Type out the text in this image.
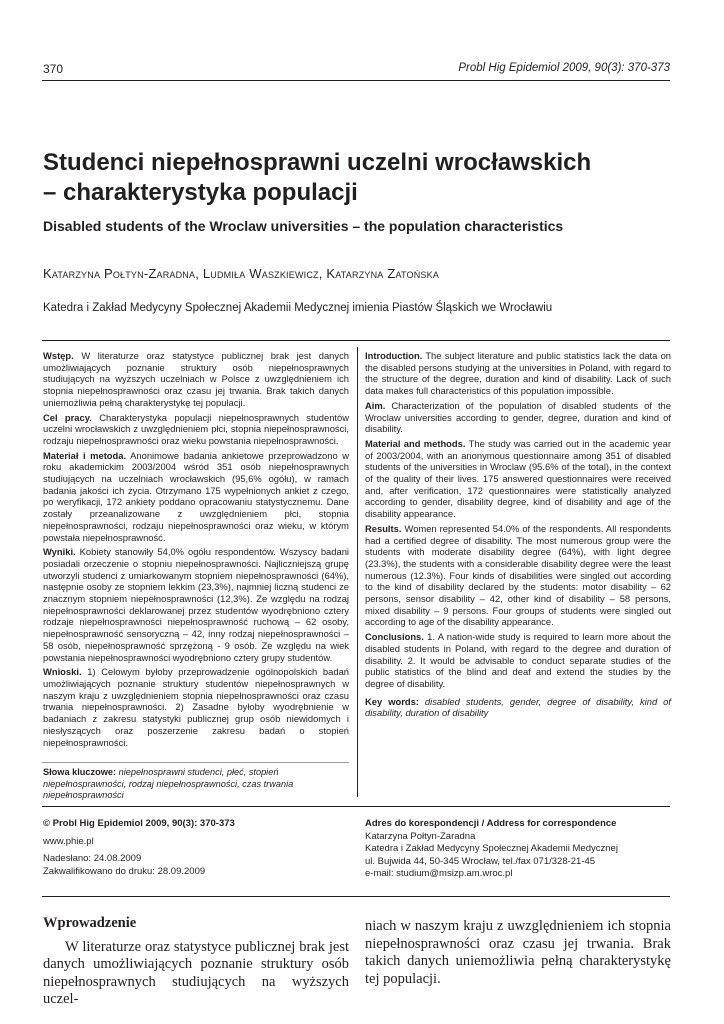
370	Probl Hig Epidemiol 2009, 90(3): 370-373
Studenci niepełnosprawni uczelni wrocławskich
– charakterystyka populacji
Disabled students of the Wroclaw universities – the population characteristics
Katarzyna Połtyn-Zaradna, Ludmiła Waszkiewicz, Katarzyna Zatońska
Katedra i Zakład Medycyny Społecznej Akademii Medycznej imienia Piastów Śląskich we Wrocławiu

Wstęp. W literaturze oraz statystyce publicznej brak jest danych umożliwiających poznanie struktury osób niepełnosprawnych studiujących na wyższych uczelniach w Polsce z uwzględnieniem ich stopnia niepełnosprawności oraz czasu jej trwania. Brak takich danych uniemożliwia pełną charakterystykę tej populacji.

Cel pracy. Charakterystyka populacji niepełnosprawnych studentów uczelni wrocławskich z uwzględnieniem płci, stopnia niepełnosprawności, rodzaju niepełnosprawności oraz wieku powstania niepełnosprawności.

Materiał i metoda. Anonimowe badania ankietowe przeprowadzono w roku akademickim 2003/2004 wśród 351 osób niepełnosprawnych studiujących na uczelniach wrocławskich (95,6% ogółu), w ramach badania jakości ich życia. Otrzymano 175 wypełnionych ankiet z czego, po weryfikacji, 172 ankiety poddano opracowaniu statystycznemu. Dane zostały przeanalizowane z uwzględnieniem płci, stopnia niepełnosprawności, rodzaju niepełnosprawności oraz wieku, w którym powstała niepełnosprawność.

Wyniki. Kobiety stanowiły 54,0% ogółu respondentów. Wszyscy badani posiadali orzeczenie o stopniu niepełnosprawności. Najliczniejszą grupę utworzyli studenci z umiarkowanym stopniem niepełnosprawności (64%), następnie osoby ze stopniem lekkim (23,3%), najmniej liczną studenci ze znacznym stopniem niepełnosprawności (12,3%). Ze względu na rodzaj niepełnosprawności deklarowanej przez studentów wyodrębniono cztery rodzaje niepełnosprawności niepełnosprawność ruchową – 62 osoby, niepełnosprawność sensoryczną – 42, inny rodzaj niepełnosprawności – 58 osób, niepełnosprawność sprzężoną - 9 osób. Ze względu na wiek powstania niepełnosprawności wyodrębniono cztery grupy studentów.

Wnioski. 1) Celowym byłoby przeprowadzenie ogólnopolskich badań umożliwiających poznanie struktury studentów niepełnosprawnych w naszym kraju z uwzględnieniem stopnia niepełnosprawności oraz czasu trwania niepełnosprawności. 2) Zasadne byłoby wyodrębnienie w badaniach z zakresu statystyki publicznej grup osób niewidomych i niesłyszących oraz poszerzenie zakresu badań o stopień niepełnosprawności.

Słowa kluczowe: niepełnosprawni studenci, płeć, stopień niepełnosprawności, rodzaj niepełnosprawności, czas trwania niepełnosprawności

Introduction. The subject literature and public statistics lack the data on the disabled persons studying at the universities in Poland, with regard to the structure of the degree, duration and kind of disability. Lack of such data makes full characteristics of this population impossible.

Aim. Characterization of the population of disabled students of the Wroclaw universities according to gender, degree, duration and kind of disability.

Material and methods. The study was carried out in the academic year of 2003/2004, with an anonymous questionnaire among 351 of disabled students of the universities in Wroclaw (95.6% of the total), in the context of the quality of their lives. 175 answered questionnaires were received and, after verification, 172 questionnaires were statistically analyzed according to gender, disability degree, kind of disability and age of the disability appearance.

Results. Women represented 54.0% of the respondents. All respondents had a certified degree of disability. The most numerous group were the students with moderate disability degree (64%), with light degree (23.3%), the students with a considerable disability degree were the least numerous (12.3%). Four kinds of disabilities were singled out according to the kind of disability declared by the students: motor disability – 62 persons, sensor disability – 42, other kind of disability – 58 persons, mixed disability – 9 persons. Four groups of students were singled out according to age of the disability appearance.

Conclusions. 1. A nation-wide study is required to learn more about the disabled students in Poland, with regard to the degree and duration of disability. 2. It would be advisable to conduct separate studies of the public statistics of the blind and deaf and extend the studies by the degree of disability.

Key words: disabled students, gender, degree of disability, kind of disability, duration of disability

© Probl Hig Epidemiol 2009, 90(3): 370-373
www.phie.pl
Nadesłano: 24.08.2009
Zakwalifikowano do druku: 28.09.2009
Adres do korespondencji / Address for correspondence
Katarzyna Połtyn-Zaradna
Katedra i Zakład Medycyny Społecznej Akademii Medycznej
ul. Bujwida 44, 50-345 Wrocław, tel./fax 071/328-21-45
e-mail: studium@msizp.am.wroc.pl
Wprowadzenie

W literaturze oraz statystyce publicznej brak jest danych umożliwiających poznanie struktury osób niepełnosprawnych studiujących na wyższych uczel-

niach w naszym kraju z uwzględnieniem ich stopnia niepełnosprawności oraz czasu jej trwania. Brak takich danych uniemożliwia pełną charakterystykę tej populacji.
